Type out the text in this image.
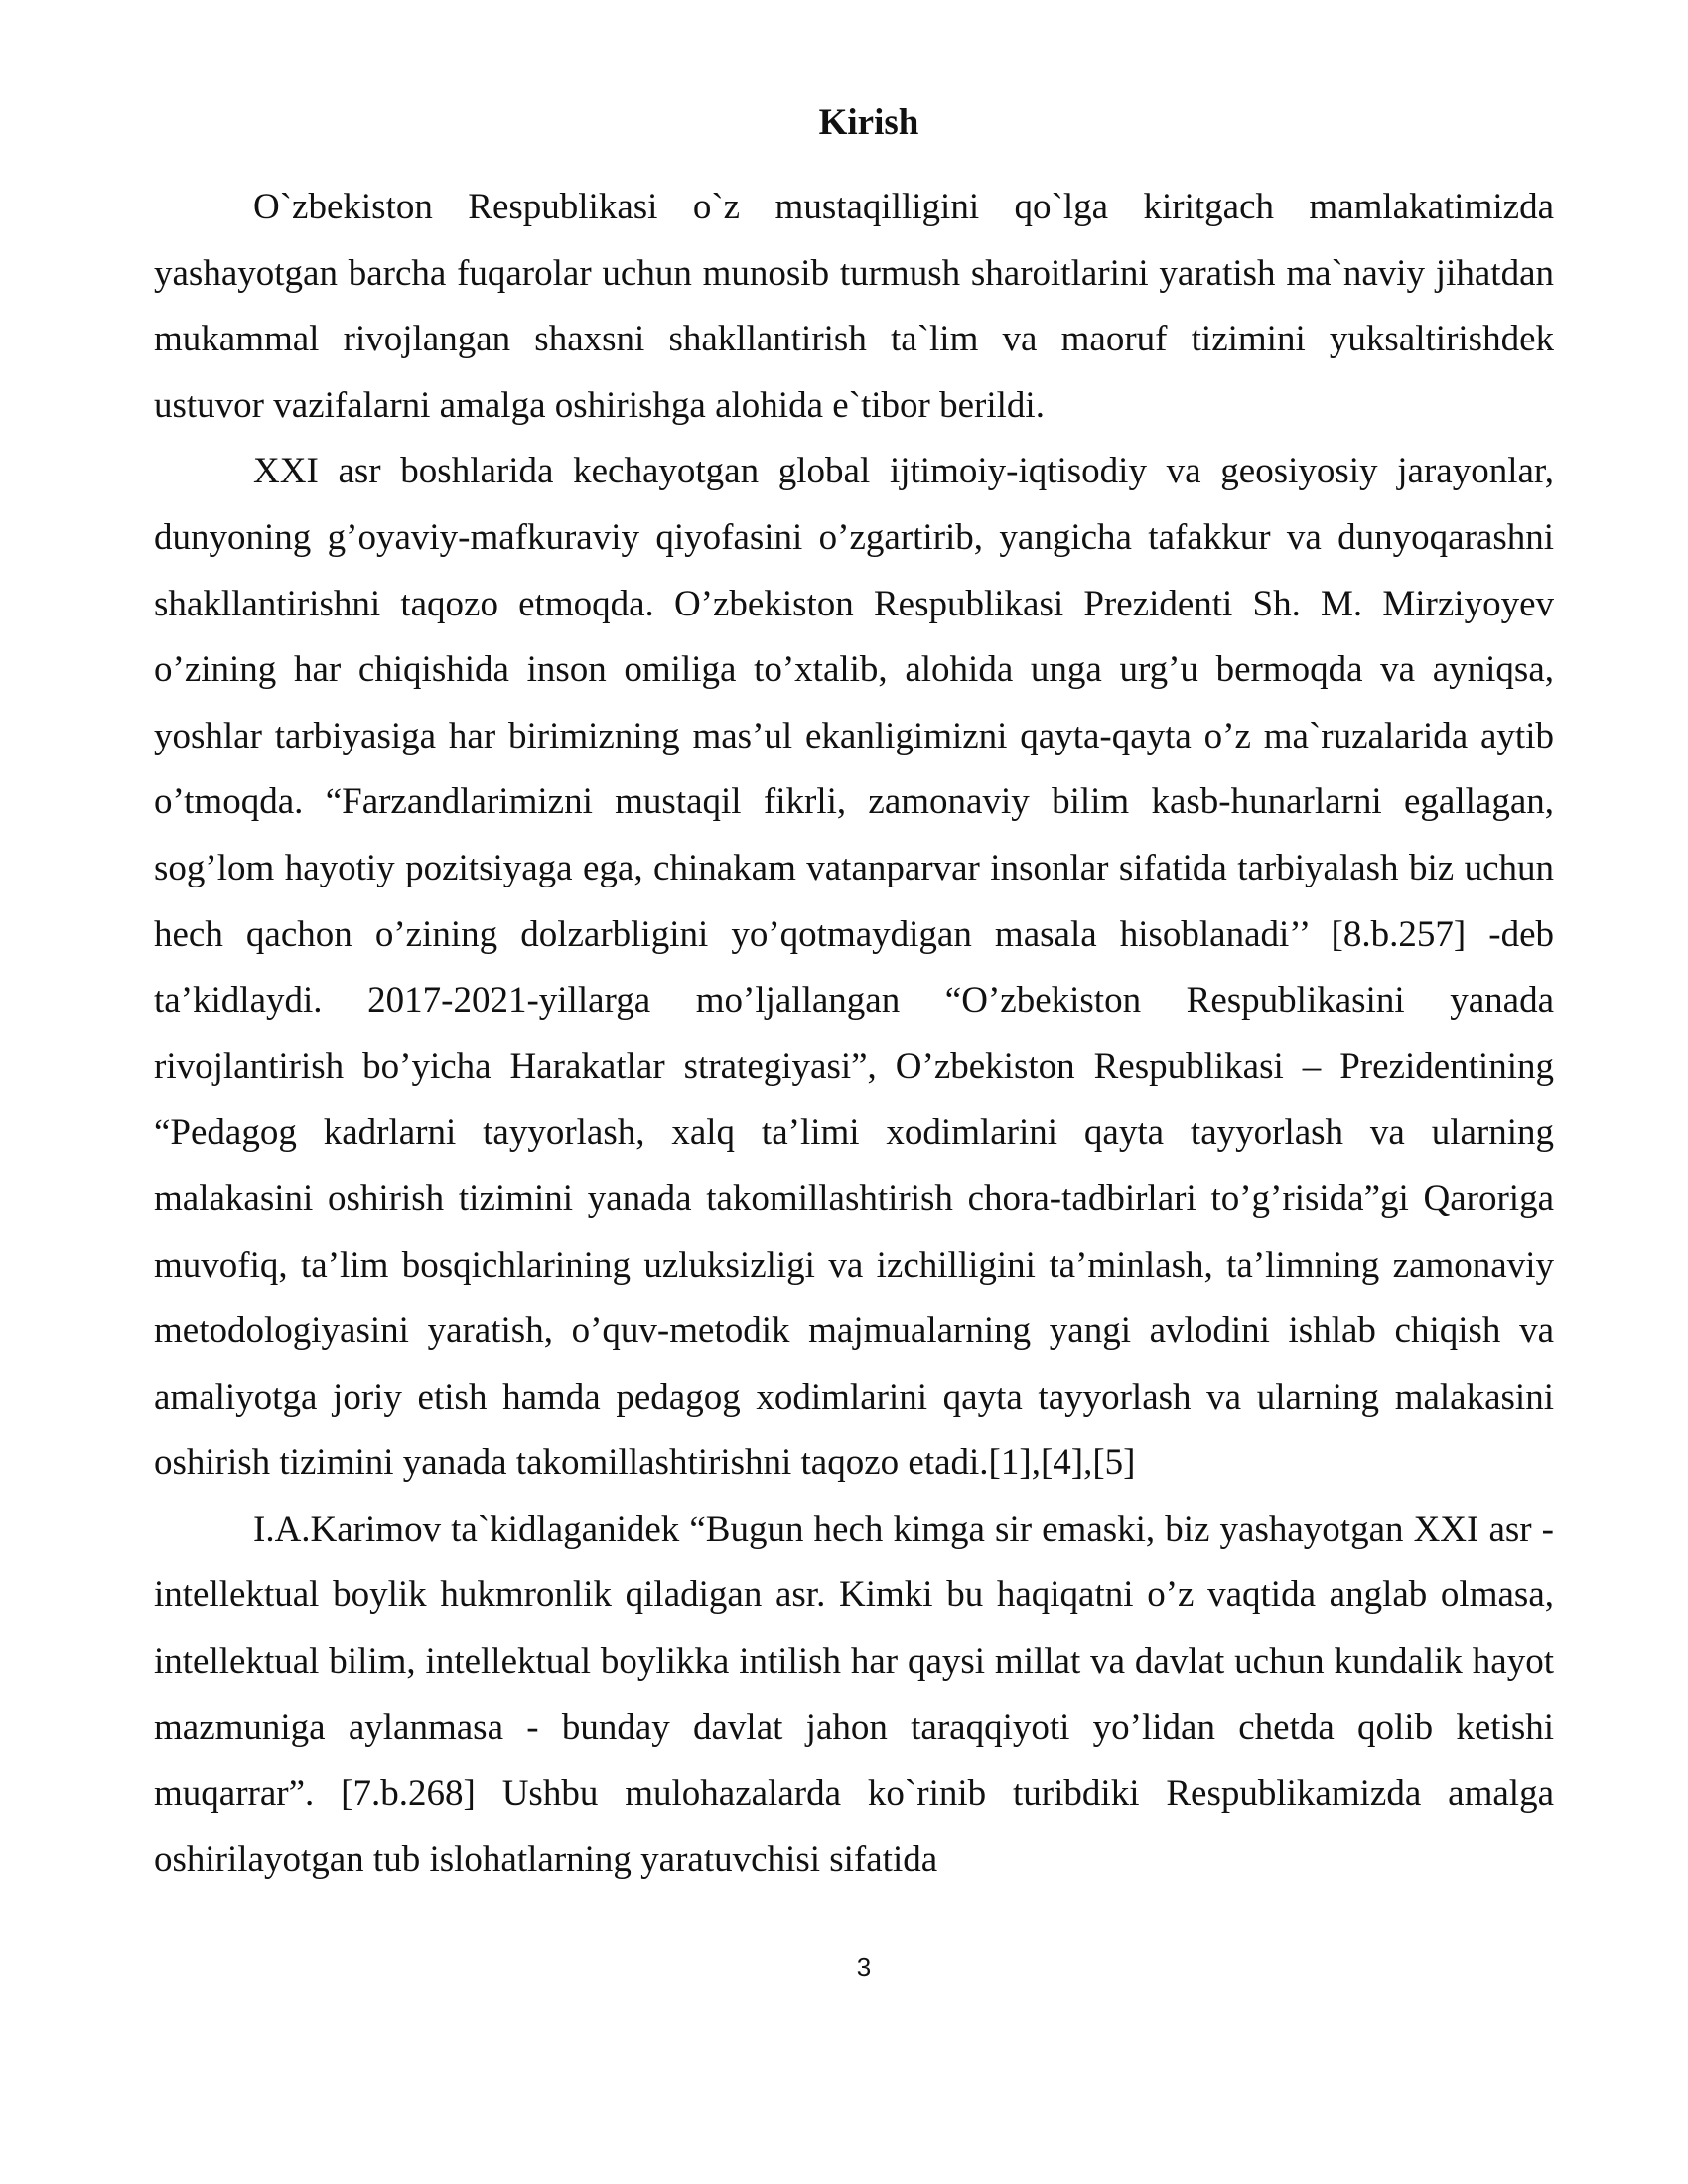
Kirish

O`zbekiston Respublikasi o`z mustaqilligini qo`lga kiritgach mamlakatimizda yashayotgan barcha fuqarolar uchun munosib turmush sharoitlarini yaratish ma`naviy jihatdan mukammal rivojlangan shaxsni shakllantirish ta`lim va maoruf tizimini yuksaltirishdek ustuvor vazifalarni amalga oshirishga alohida e`tibor berildi.

XXI asr boshlarida kechayotgan global ijtimoiy-iqtisodiy va geosiyosiy jarayonlar, dunyoning g’oyaviy-mafkuraviy qiyofasini o’zgartirib, yangicha tafakkur va dunyoqarashni shakllantirishni taqozo etmoqda. O’zbekiston Respublikasi Prezidenti Sh. M. Mirziyoyev o’zining har chiqishida inson omiliga to’xtalib, alohida unga urg’u bermoqda va ayniqsa, yoshlar tarbiyasiga har birimizning mas’ul ekanligimizni qayta-qayta o’z ma`ruzalarida aytib o’tmoqda. “Farzandlarimizni mustaqil fikrli, zamonaviy bilim kasb-hunarlarni egallagan, sog’lom hayotiy pozitsiyaga ega, chinakam vatanparvar insonlar sifatida tarbiyalash biz uchun hech qachon o’zining dolzarbligini yo’qotmaydigan masala hisoblanadi’’ [8.b.257] -deb ta’kidlaydi. 2017-2021-yillarga mo’ljallangan “O’zbekiston Respublikasini yanada rivojlantirish bo’yicha Harakatlar strategiyasi”, O’zbekiston Respublikasi – Prezidentining “Pedagog kadrlarni tayyorlash, xalq ta’limi xodimlarini qayta tayyorlash va ularning malakasini oshirish tizimini yanada takomillashtirish chora-tadbirlari to’g’risida”gi Qaroriga muvofiq, ta’lim bosqichlarining uzluksizligi va izchilligini ta’minlash, ta’limning zamonaviy metodologiyasini yaratish, o’quv-metodik majmualarning yangi avlodini ishlab chiqish va amaliyotga joriy etish hamda pedagog xodimlarini qayta tayyorlash va ularning malakasini oshirish tizimini yanada takomillashtirishni taqozo etadi.[1],[4],[5]

I.A.Karimov ta`kidlaganidek “Bugun hech kimga sir emaski, biz yashayotgan XXI asr - intellektual boylik hukmronlik qiladigan asr. Kimki bu haqiqatni o’z vaqtida anglab olmasa, intellektual bilim, intellektual boylikka intilish har qaysi millat va davlat uchun kundalik hayot mazmuniga aylanmasa - bunday davlat jahon taraqqiyoti yo’lidan chetda qolib ketishi muqarrar”. [7.b.268] Ushbu mulohazalarda ko`rinib turibdiki Respublikamizda amalga oshirilayotgan tub islohatlarning yaratuvchisi sifatida

3
